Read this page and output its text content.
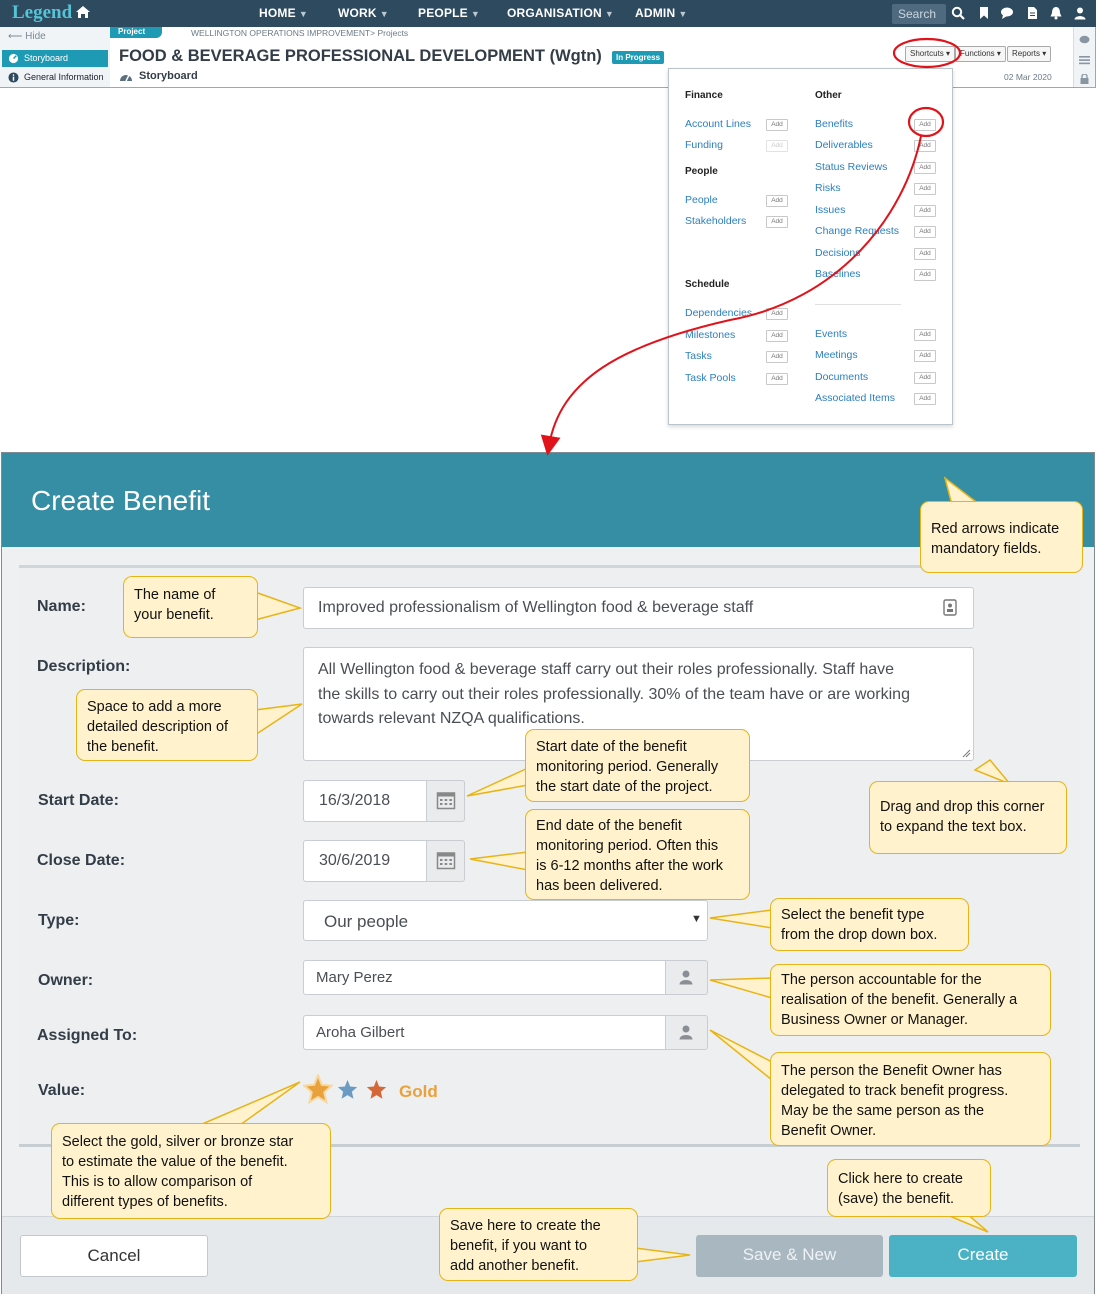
Legend	HOME ▼	WORK ▼ PEOPLE ▼ ORGANISATION ▼ ADMIN ▼	Search
⟵ Hide
Storyboard
General Information
Project	WELLINGTON OPERATIONS IMPROVEMENT> Projects
FOOD & BEVERAGE PROFESSIONAL DEVELOPMENT (Wgtn)	In Progress
Storyboard
Shortcuts ▾	Functions ▾	Reports ▾
02 Mar 2020
Finance	Other
People
Schedule
Account Lines	Add
Funding	Add
People	Add
Stakeholders	Add
Dependencies	Add
Milestones	Add
Tasks	Add
Task Pools	Add
Benefits	Add
Deliverables	Add
Status Reviews	Add
Risks	Add
Issues	Add
Change Requests	Add
Decisions	Add
Baselines	Add
Events	Add
Meetings	Add
Documents	Add
Associated Items	Add
Create Benefit
Name:	Improved professionalism of Wellington food & beverage staff
Description:	All Wellington food & beverage staff carry out their roles professionally. Staff have
the skills to carry out their roles professionally. 30% of the team have or are working
towards relevant NZQA qualifications.
Start Date:	16/3/2018
Close Date:	30/6/2019
Type:	Our people	▼
Owner:	Mary Perez
Assigned To:	Aroha Gilbert
Value:	Gold
Cancel	Save & New	Create
Red arrows indicate
mandatory fields.
The name of
your benefit.
Space to add a more
detailed description of
the benefit.	Start date of the benefit
monitoring period. Generally
the start date of the project.
Drag and drop this corner
to expand the text box.
End date of the benefit
monitoring period. Often this
is 6-12 months after the work
has been delivered.
Select the benefit type
from the drop down box.
The person accountable for the
realisation of the benefit. Generally a
Business Owner or Manager.
The person the Benefit Owner has
delegated to track benefit progress.
May be the same person as the
Benefit Owner.
Select the gold, silver or bronze star
to estimate the value of the benefit.
This is to allow comparison of
different types of benefits.
Click here to create
(save) the benefit.
Save here to create the
benefit, if you want to
add another benefit.
